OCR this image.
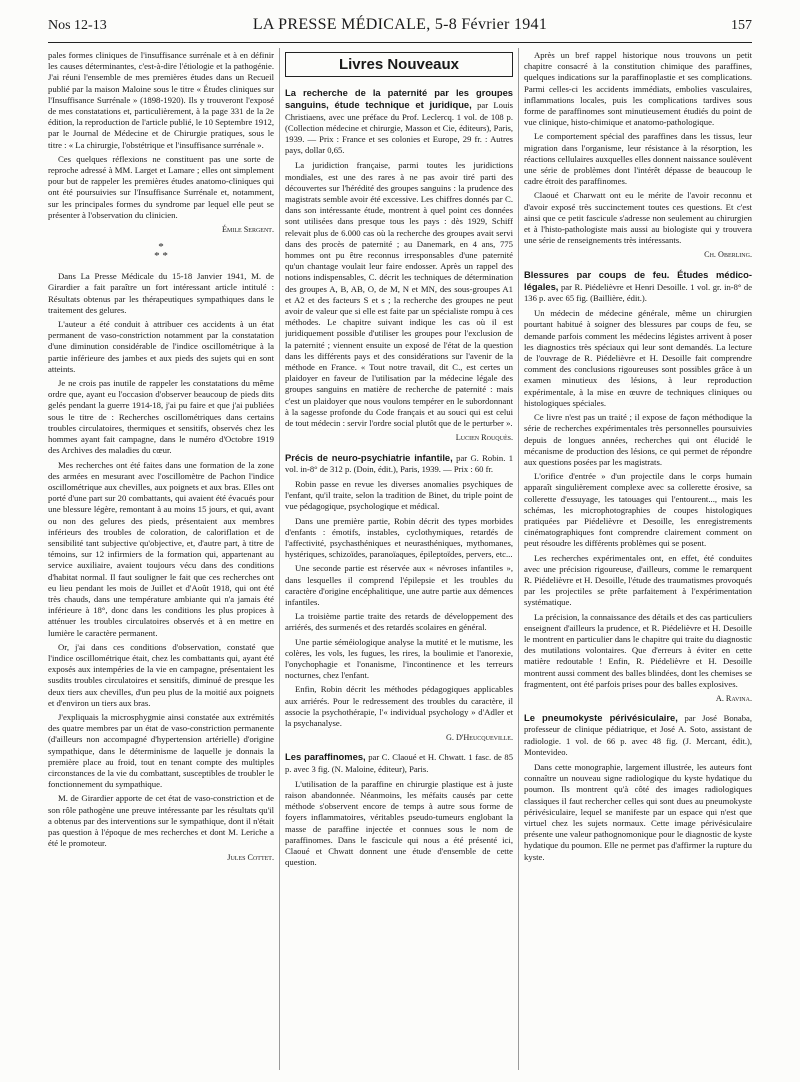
Nos 12-13	LA PRESSE MÉDICALE, 5-8 Février 1941	157

pales formes cliniques de l'insuffisance surrénale et à en définir les causes déterminantes, c'est-à-dire l'étiologie et la pathogénie. J'ai réuni l'ensemble de mes premières études dans un Recueil publié par la maison Maloine sous le titre « Études cliniques sur l'Insuffisance Surrénale » (1898-1920). Ils y trouveront l'exposé de mes constatations et, particulièrement, à la page 331 de la 2e édition, la reproduction de l'article publié, le 10 Septembre 1912, par le Journal de Médecine et de Chirurgie pratiques, sous le titre : « La chirurgie, l'obstétrique et l'insuffisance surrénale ».

Ces quelques réflexions ne constituent pas une sorte de reproche adressé à MM. Larget et Lamare ; elles ont simplement pour but de rappeler les premières études anatomo-cliniques qui ont été poursuivies sur l'Insuffisance Surrénale et, notamment, sur les principales formes du syndrome par lequel elle peut se présenter à l'observation du clinicien.

Émile Sergent.

*
* *

Dans La Presse Médicale du 15-18 Janvier 1941, M. de Girardier a fait paraître un fort intéressant article intitulé : Résultats obtenus par les thérapeutiques sympathiques dans le traitement des gelures.

L'auteur a été conduit à attribuer ces accidents à un état permanent de vaso-constriction notamment par la constatation d'une diminution considérable de l'indice oscillométrique à la partie inférieure des jambes et aux pieds des sujets qui en sont atteints.

Je ne crois pas inutile de rappeler les constatations du même ordre que, ayant eu l'occasion d'observer beaucoup de pieds dits gelés pendant la guerre 1914-18, j'ai pu faire et que j'ai publiées sous le titre de : Recherches oscillométriques dans certains troubles circulatoires, thermiques et sensitifs, observés chez les hommes ayant fait campagne, dans le numéro d'Octobre 1919 des Archives des maladies du cœur.

Mes recherches ont été faites dans une formation de la zone des armées en mesurant avec l'oscillomètre de Pachon l'indice oscillométrique aux chevilles, aux poignets et aux bras. Elles ont porté d'une part sur 20 combattants, qui avaient été évacués pour une blessure légère, remontant à au moins 15 jours, et qui, avant ou non des gelures des pieds, présentaient aux membres inférieurs des troubles de coloration, de caloriflation et de sensibilité tant subjective qu'objective, et, d'autre part, à titre de témoins, sur 12 infirmiers de la formation qui, appartenant au service auxiliaire, avaient toujours vécu dans des conditions d'habitat normal. Il faut souligner le fait que ces recherches ont eu lieu pendant les mois de Juillet et d'Août 1918, qui ont été très chauds, dans une température ambiante qui n'a jamais été inférieure à 18°, donc dans les conditions les plus propices à atténuer les troubles circulatoires observés et à en mettre en lumière le caractère permanent.

Or, j'ai dans ces conditions d'observation, constaté que l'indice oscillométrique était, chez les combattants qui, ayant été exposés aux intempéries de la vie en campagne, présentaient les susdits troubles circulatoires et sensitifs, diminué de presque les deux tiers aux chevilles, d'un peu plus de la moitié aux poignets et d'environ un tiers aux bras.

J'expliquais la microsphygmie ainsi constatée aux extrémités des quatre membres par un état de vaso-constriction permanente (d'ailleurs non accompagné d'hypertension artérielle) d'origine sympathique, dans le déterminisme de laquelle je donnais la première place au froid, tout en tenant compte des multiples circonstances de la vie du combattant, susceptibles de troubler le fonctionnement du sympathique.

M. de Girardier apporte de cet état de vaso-constriction et de son rôle pathogène une preuve intéressante par les résultats qu'il a obtenus par des interventions sur le sympathique, dont il n'était pas question à l'époque de mes recherches et dont M. Leriche a été le promoteur.

Jules Cottet.

Livres Nouveaux

La recherche de la paternité par les groupes sanguins, étude technique et juridique, par Louis Christiaens, avec une préface du Prof. Leclercq. 1 vol. de 108 p. (Collection médecine et chirurgie, Masson et Cie, éditeurs), Paris, 1939. — Prix : France et ses colonies et Europe, 29 fr. : Autres pays, dollar 0,65.

La juridiction française, parmi toutes les juridictions mondiales, est une des rares à ne pas avoir tiré parti des découvertes sur l'hérédité des groupes sanguins : la prudence des magistrats semble avoir été excessive. Les chiffres donnés par C. dans son intéressante étude, montrent à quel point ces données sont utilisées dans presque tous les pays : dès 1929, Schiff relevait plus de 6.000 cas où la recherche des groupes avait servi dans des procès de paternité ; au Danemark, en 4 ans, 775 hommes ont pu être reconnus irresponsables d'une paternité qu'un chantage voulait leur faire endosser. Après un rappel des notions indispensables, C. décrit les techniques de détermination des groupes A, B, AB, O, de M, N et MN, des sous-groupes A1 et A2 et des facteurs S et s ; la recherche des groupes ne peut avoir de valeur que si elle est faite par un spécialiste rompu à ces méthodes. Le chapitre suivant indique les cas où il est juridiquement possible d'utiliser les groupes pour l'exclusion de la paternité ; viennent ensuite un exposé de l'état de la question dans les différents pays et des considérations sur l'avenir de la méthode en France. « Tout notre travail, dit C., est certes un plaidoyer en faveur de l'utilisation par la médecine légale des groupes sanguins en matière de recherche de paternité : mais c'est un plaidoyer que nous voulons tempérer en le subordonnant à la sagesse profonde du Code français et au souci qui est celui de tout médecin : servir l'ordre social plutôt que de le perturber ».

Lucien Rouquès.

Précis de neuro-psychiatrie infantile, par G. Robin. 1 vol. in-8° de 312 p. (Doin, édit.), Paris, 1939. — Prix : 60 fr.

Robin passe en revue les diverses anomalies psychiques de l'enfant, qu'il traite, selon la tradition de Binet, du triple point de vue pédagogique, psychologique et médical.

Dans une première partie, Robin décrit des types morbides d'enfants : émotifs, instables, cyclothymiques, retardés de l'affectivité, psychasthéniques et neurasthéniques, mythomanes, hystériques, schizoïdes, paranoïaques, épileptoïdes, pervers, etc...

Une seconde partie est réservée aux « névroses infantiles », dans lesquelles il comprend l'épilepsie et les troubles du caractère d'origine encéphalitique, une autre partie aux démences infantiles.

La troisième partie traite des retards de développement des arriérés, des surmenés et des retardés scolaires en général.

Une partie séméiologique analyse la mutité et le mutisme, les colères, les vols, les fugues, les rires, la boulimie et l'anorexie, l'onychophagie et l'onanisme, l'incontinence et les terreurs nocturnes, chez l'enfant.

Enfin, Robin décrit les méthodes pédagogiques applicables aux arriérés. Pour le redressement des troubles du caractère, il associe la psychothérapie, l'« individual psychology » d'Adler et la psychanalyse.

G. D'Heucqueville.

Les paraffinomes, par C. Claoué et H. Chwatt. 1 fasc. de 85 p. avec 3 fig. (N. Maloine, éditeur), Paris.

L'utilisation de la paraffine en chirurgie plastique est à juste raison abandonnée. Néanmoins, les méfaits causés par cette méthode s'observent encore de temps à autre sous forme de foyers inflammatoires, véritables pseudo-tumeurs englobant la masse de paraffine injectée et connues sous le nom de paraffinomes. Dans le fascicule qui nous a été présenté ici, Claoué et Chwatt donnent une étude d'ensemble de cette question.

Après un bref rappel historique nous trouvons un petit chapitre consacré à la constitution chimique des paraffines, quelques indications sur la paraffinoplastie et ses complications. Parmi celles-ci les accidents immédiats, embolies vasculaires, inflammations locales, puis les complications tardives sous forme de paraffinomes sont minutieusement étudiés du point de vue clinique, histo-chimique et anatomo-pathologique.

Le comportement spécial des paraffines dans les tissus, leur migration dans l'organisme, leur résistance à la résorption, les réactions cellulaires auxquelles elles donnent naissance soulèvent une série de problèmes dont l'intérêt dépasse de beaucoup le cadre étroit des paraffinomes.

Claoué et Charwatt ont eu le mérite de l'avoir reconnu et d'avoir exposé très succinctement toutes ces questions. Et c'est ainsi que ce petit fascicule s'adresse non seulement au chirurgien et à l'histo-pathologiste mais aussi au biologiste qui y trouvera une série de renseignements très intéressants.

Ch. Oberling.

Blessures par coups de feu. Études médico-légales, par R. Piédelièvre et Henri Desoille. 1 vol. gr. in-8° de 136 p. avec 65 fig. (Baillière, édit.).

Un médecin de médecine générale, même un chirurgien pourtant habitué à soigner des blessures par coups de feu, se demande parfois comment les médecins légistes arrivent à poser les diagnostics très spéciaux qui leur sont demandés. La lecture de l'ouvrage de R. Piédelièvre et H. Desoille fait comprendre comment des conclusions rigoureuses sont possibles grâce à un examen minutieux des lésions, à leur reproduction expérimentale, à la mise en œuvre de techniques cliniques ou histologiques spéciales.

Ce livre n'est pas un traité ; il expose de façon méthodique la série de recherches expérimentales très personnelles poursuivies depuis de longues années, recherches qui ont élucidé le mécanisme de production des lésions, ce qui permet de répondre aux questions posées par les magistrats.

L'orifice d'entrée » d'un projectile dans le corps humain apparaît singulièrement complexe avec sa collerette érosive, sa collerette d'essuyage, les tatouages qui l'entourent..., mais les schémas, les microphotographies de coupes histologiques pratiquées par Piédelièvre et Desoille, les enregistrements cinématographiques font comprendre clairement comment on peut résoudre les différents problèmes qui se posent.

Les recherches expérimentales ont, en effet, été conduites avec une précision rigoureuse, d'ailleurs, comme le remarquent R. Piédelièvre et H. Desoille, l'étude des traumatismes provoqués par les projectiles se prête parfaitement à l'expérimentation systématique.

La précision, la connaissance des détails et des cas particuliers enseignent d'ailleurs la prudence, et R. Piédelièvre et H. Desoille le montrent en particulier dans le chapitre qui traite du diagnostic des mutilations volontaires. Que d'erreurs à éviter en cette matière redoutable ! Enfin, R. Piédelièvre et H. Desoille montrent aussi comment des balles blindées, dont les chemises se fragmentent, ont été parfois prises pour des balles explosives.

A. Ravina.

Le pneumokyste périvésiculaire, par José Bonaba, professeur de clinique pédiatrique, et José A. Soto, assistant de radiologie. 1 vol. de 66 p. avec 48 fig. (J. Mercant, édit.), Montevideo.

Dans cette monographie, largement illustrée, les auteurs font connaître un nouveau signe radiologique du kyste hydatique du poumon. Ils montrent qu'à côté des images radiologiques classiques il faut rechercher celles qui sont dues au pneumokyste périvésiculaire, lequel se manifeste par un espace qui n'est que virtuel chez les sujets normaux. Cette image périvésiculaire présente une valeur pathognomonique pour le diagnostic de kyste hydatique du poumon. Elle ne permet pas d'affirmer la rupture du kyste.
